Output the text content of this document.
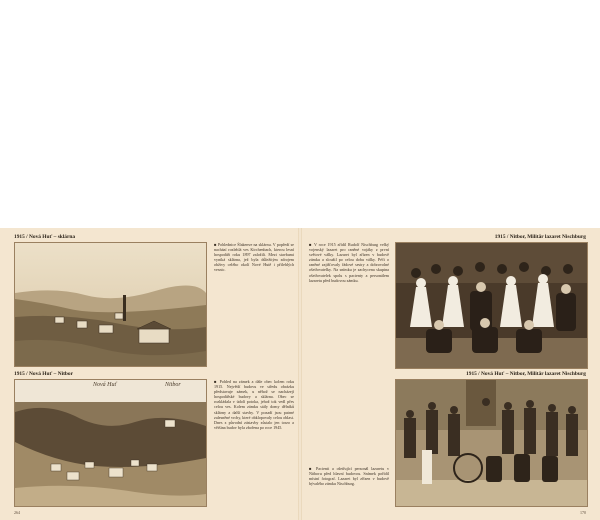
1915 / Nová Huť – sklárna
■ Pohlednice Šlakenve na sklárnu. V popředí se nachází rozlehlá ves Kirchenbach, kterou lesní hospodáři roku 1897 založili. Mezi stavbami vyniká sklárna, jež byla důležitým zdrojem obživy celého okolí Nové Hutě i přilehlých vesnic.
1915 / Nová Huť – Nitbor
Nová Huť	Nitbor
■ Pohled na zámek a dále obec kolem roku 1915. Největší budovu ve středu obrázku představuje zámek, u něhož se nacházejí hospodářské budovy a sklárna. Obec se rozkládala v údolí potoka, jehož tok vedl přes celou ves. Kolem zámku stály domy dělníků sklárny a další stavby. V pozadí jsou patrné zalesněné vrchy, které obklopovaly celou oblast. Dnes z původní zástavby zůstalo jen torzo a většina budov byla zbořena po roce 1945.
264
1915 / Nitbor, Militär lazaret Nischburg
■ V roce 1915 zřídil Rudolf Nischburg velký vojenský lazaret pro raněné vojáky z první světové války. Lazaret byl zřízen v budově zámku a sloužil po celou dobu války. Péči o raněné zajišťovaly řádové sestry a dobrovolné ošetřovatelky. Na snímku je zachycena skupina ošetřovatelek spolu s pacienty a personálem lazaretu před budovou zámku.
1915 / Nová Huť – Nitbor, Militär lazaret Nischburg
■ Pacienti a ošetřující personál lazaretu v Nitboru před hlavní budovou. Snímek pořídil místní fotograf. Lazaret byl zřízen v budově bývalého zámku Nischburg.
170
